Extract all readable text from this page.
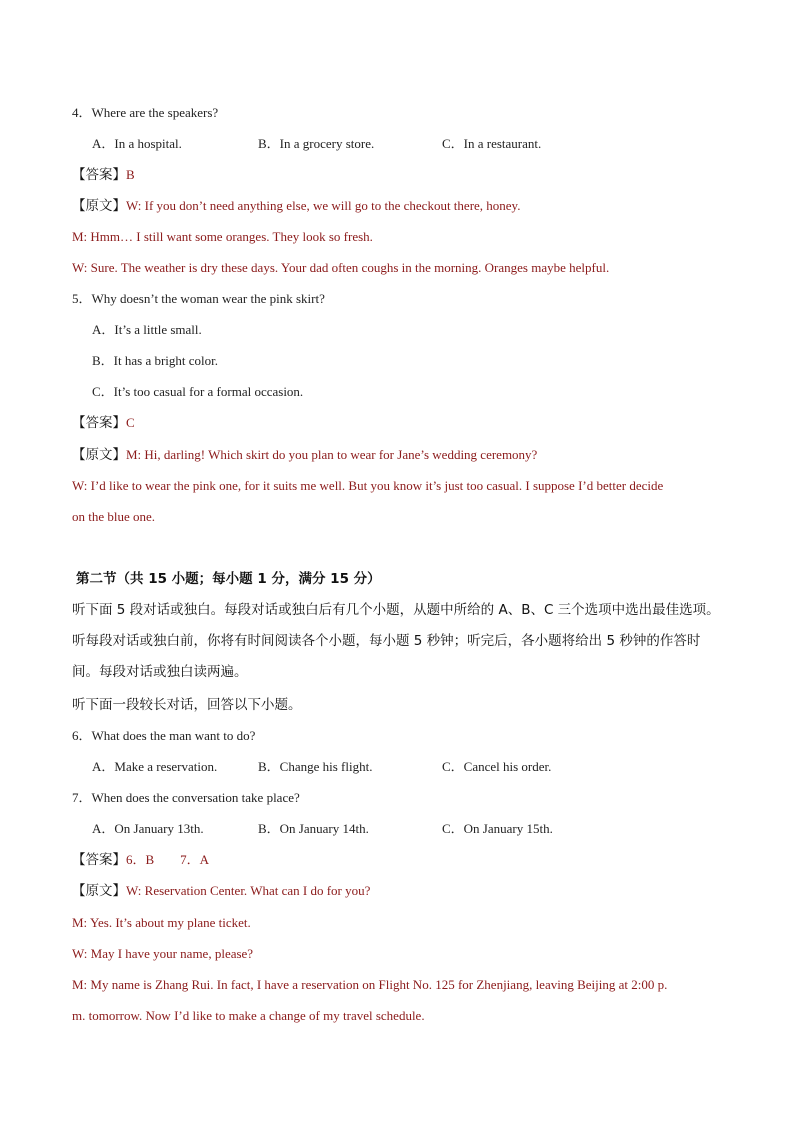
4．Where are the speakers?
A．In a hospital.	B．In a grocery store.	C．In a restaurant.
【答案】B
【原文】W: If you don’t need anything else, we will go to the checkout there, honey.
M: Hmm… I still want some oranges. They look so fresh.
W: Sure. The weather is dry these days. Your dad often coughs in the morning. Oranges maybe helpful.
5．Why doesn’t the woman wear the pink skirt?
A．It’s a little small.
B．It has a bright color.
C．It’s too casual for a formal occasion.
【答案】C
【原文】M: Hi, darling! Which skirt do you plan to wear for Jane’s wedding ceremony?
W: I’d like to wear the pink one, for it suits me well. But you know it’s just too casual. I suppose I’d better decide
on the blue one.
第二节（共 15 小题；每小题 1 分，满分 15 分）
听下面 5 段对话或独白。每段对话或独白后有几个小题，从题中所给的 A、B、C 三个选项中选出最佳选项。
听每段对话或独白前，你将有时间阅读各个小题，每小题 5 秒钟；听完后，各小题将给出 5 秒钟的作答时
间。每段对话或独白读两遍。
听下面一段较长对话，回答以下小题。
6．What does the man want to do?
A．Make a reservation.	B．Change his flight.	C．Cancel his order.
7．When does the conversation take place?
A．On January 13th.	B．On January 14th.	C．On January 15th.
【答案】6．B　　7．A
【原文】W: Reservation Center. What can I do for you?
M: Yes. It’s about my plane ticket.
W: May I have your name, please?
M: My name is Zhang Rui. In fact, I have a reservation on Flight No. 125 for Zhenjiang, leaving Beijing at 2:00 p.
m. tomorrow. Now I’d like to make a change of my travel schedule.
